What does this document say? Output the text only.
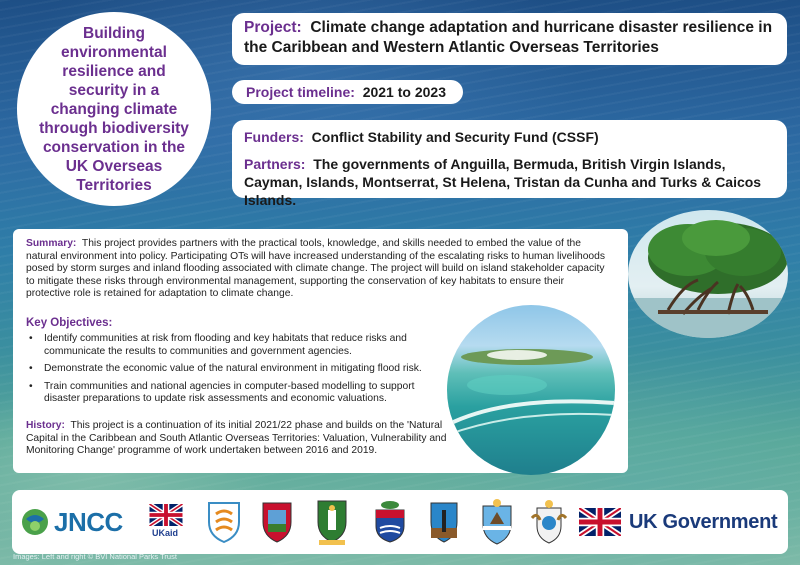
Building environmental resilience and security in a changing climate through biodiversity conservation in the UK Overseas Territories
Project: Climate change adaptation and hurricane disaster resilience in the Caribbean and Western Atlantic Overseas Territories
Project timeline: 2021 to 2023
Funders: Conflict Stability and Security Fund (CSSF)
Partners: The governments of Anguilla, Bermuda, British Virgin Islands, Cayman, Islands, Montserrat, St Helena, Tristan da Cunha and Turks & Caicos Islands.
Summary: This project provides partners with the practical tools, knowledge, and skills needed to embed the value of the natural environment into policy. Participating OTs will have increased understanding of the escalating risks to human livelihoods posed by storm surges and inland flooding associated with climate change. The project will build on island stakeholder capacity to mitigate these risks through environmental management, supporting the conservation of key habitats to ensure their protective role is retained for adaptation to climate change.
Key Objectives:
• Identify communities at risk from flooding and key habitats that reduce risks and communicate the results to communities and government agencies.
• Demonstrate the economic value of the natural environment in mitigating flood risk.
• Train communities and national agencies in computer-based modelling to support disaster preparations to update risk assessments and economic valuations.
History: This project is a continuation of its initial 2021/22 phase and builds on the 'Natural Capital in the Caribbean and South Atlantic Overseas Territories: Valuation, Vulnerability and Monitoring Change' programme of work undertaken between 2016 and 2019.
JNCC	UKaid
UK Government
Images: Left and right © BVI National Parks Trust
